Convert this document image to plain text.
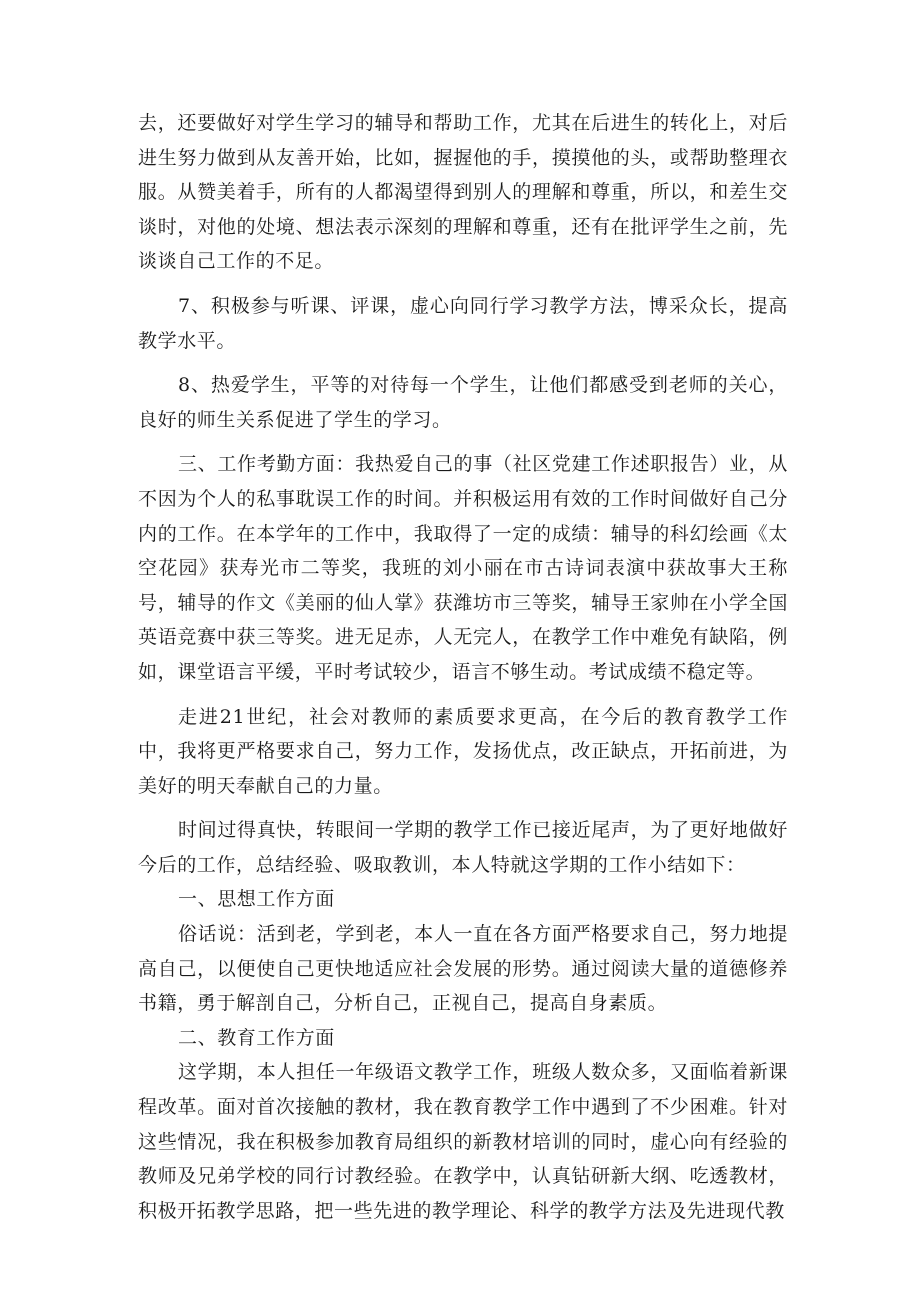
去，还要做好对学生学习的辅导和帮助工作，尤其在后进生的转化上，对后进生努力做到从友善开始，比如，握握他的手，摸摸他的头，或帮助整理衣服。从赞美着手，所有的人都渴望得到别人的理解和尊重，所以，和差生交谈时，对他的处境、想法表示深刻的理解和尊重，还有在批评学生之前，先谈谈自己工作的不足。

7、积极参与听课、评课，虚心向同行学习教学方法，博采众长，提高教学水平。

8、热爱学生，平等的对待每一个学生，让他们都感受到老师的关心，良好的师生关系促进了学生的学习。

三、工作考勤方面：我热爱自己的事（社区党建工作述职报告）业，从不因为个人的私事耽误工作的时间。并积极运用有效的工作时间做好自己分内的工作。在本学年的工作中，我取得了一定的成绩：辅导的科幻绘画《太空花园》获寿光市二等奖，我班的刘小丽在市古诗词表演中获故事大王称号，辅导的作文《美丽的仙人掌》获潍坊市三等奖，辅导王家帅在小学全国英语竞赛中获三等奖。进无足赤，人无完人，在教学工作中难免有缺陷，例如，课堂语言平缓，平时考试较少，语言不够生动。考试成绩不稳定等。

走进21世纪，社会对教师的素质要求更高，在今后的教育教学工作中，我将更严格要求自己，努力工作，发扬优点，改正缺点，开拓前进，为美好的明天奉献自己的力量。

时间过得真快，转眼间一学期的教学工作已接近尾声，为了更好地做好今后的工作，总结经验、吸取教训，本人特就这学期的工作小结如下：

一、思想工作方面

俗话说：活到老，学到老，本人一直在各方面严格要求自己，努力地提高自己，以便使自己更快地适应社会发展的形势。通过阅读大量的道德修养书籍，勇于解剖自己，分析自己，正视自己，提高自身素质。

二、教育工作方面

这学期，本人担任一年级语文教学工作，班级人数众多，又面临着新课程改革。面对首次接触的教材，我在教育教学工作中遇到了不少困难。针对这些情况，我在积极参加教育局组织的新教材培训的同时，虚心向有经验的教师及兄弟学校的同行讨教经验。在教学中，认真钻研新大纲、吃透教材，积极开拓教学思路，把一些先进的教学理论、科学的教学方法及先进现代教
